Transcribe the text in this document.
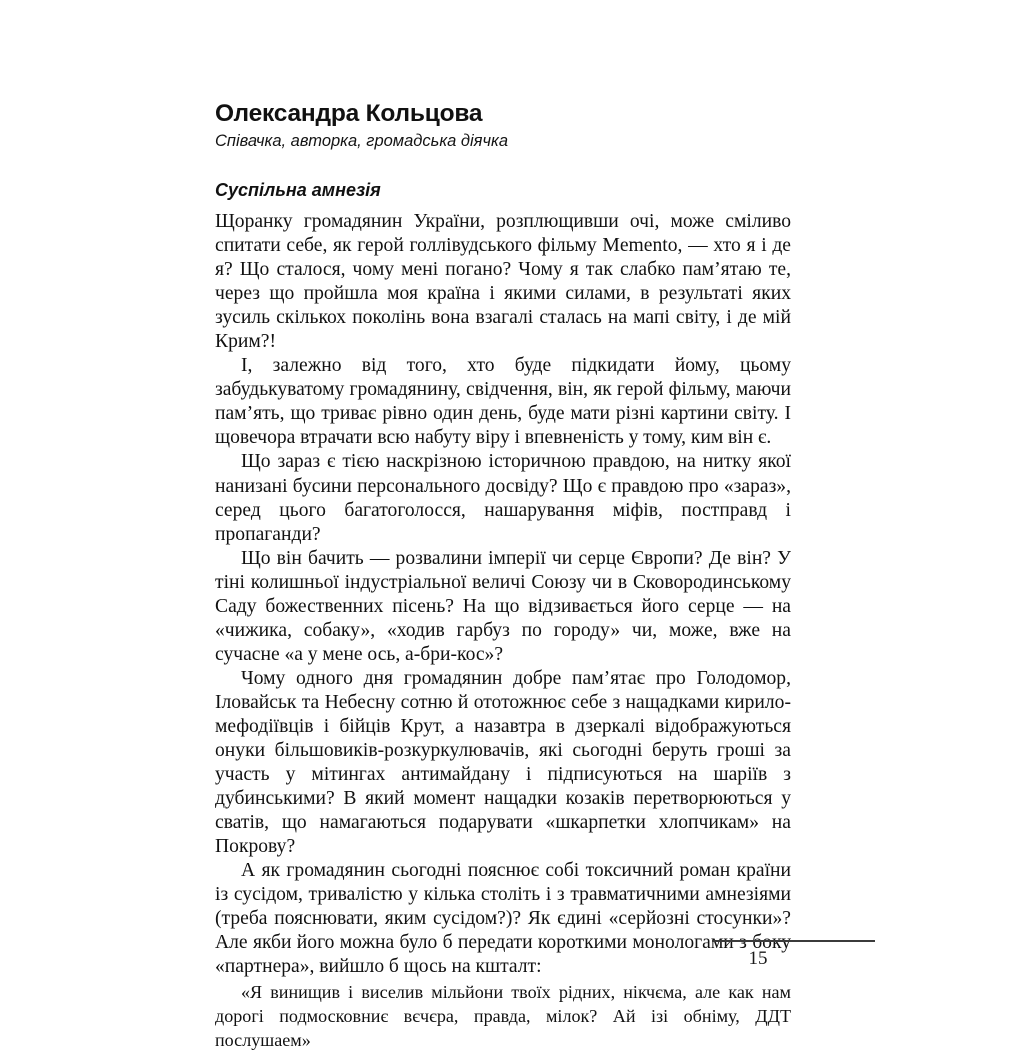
Олександра Кольцова
Співачка, авторка, громадська діячка
Суспільна амнезія

Щоранку громадянин України, розплющивши очі, може сміливо спитати себе, як герой голлівудського фільму Memento, — хто я і де я? Що сталося, чому мені погано? Чому я так слабко пам’ятаю те, через що пройшла моя країна і якими силами, в результаті яких зусиль скількох поколінь вона взагалі сталась на мапі світу, і де мій Крим?!

І, залежно від того, хто буде підкидати йому, цьому забудькуватому громадянину, свідчення, він, як герой фільму, маючи пам’ять, що триває рівно один день, буде мати різні картини світу. І щовечора втрачати всю набуту віру і впевненість у тому, ким він є.

Що зараз є тією наскрізною історичною правдою, на нитку якої нанизані бусини персонального досвіду? Що є правдою про «зараз», серед цього багатоголосся, нашарування міфів, постправд і пропаганди?

Що він бачить — розвалини імперії чи серце Європи? Де він? У тіні колишньої індустріальної величі Союзу чи в Сковородинському Саду божественних пісень? На що відзивається його серце — на «чижика, собаку», «ходив гарбуз по городу» чи, може, вже на сучасне «а у мене ось, а-бри-кос»?

Чому одного дня громадянин добре пам’ятає про Голодомор, Іловайськ та Небесну сотню й ототожнює себе з нащадками кирило-мефодіївців і бійців Крут, а назавтра в дзеркалі відображуються онуки більшовиків-розкуркулювачів, які сьогодні беруть гроші за участь у мітингах антимайдану і підписуються на шаріїв з дубинськими? В який момент нащадки козаків перетворюються у сватів, що намагаються подарувати «шкарпетки хлопчикам» на Покрову?

А як громадянин сьогодні пояснює собі токсичний роман країни із сусідом, тривалістю у кілька століть і з травматичними амнезіями (треба пояснювати, яким сусідом?)? Як єдині «серйозні стосунки»? Але якби його можна було б передати короткими монологами з боку «партнера», вийшло б щось на кшталт:

«Я винищив і виселив мільйони твоїх рідних, нікчєма, але как нам дорогі подмосковниє вєчєра, правда, мілок? Ай ізі обніму, ДДТ послушаем»

15
